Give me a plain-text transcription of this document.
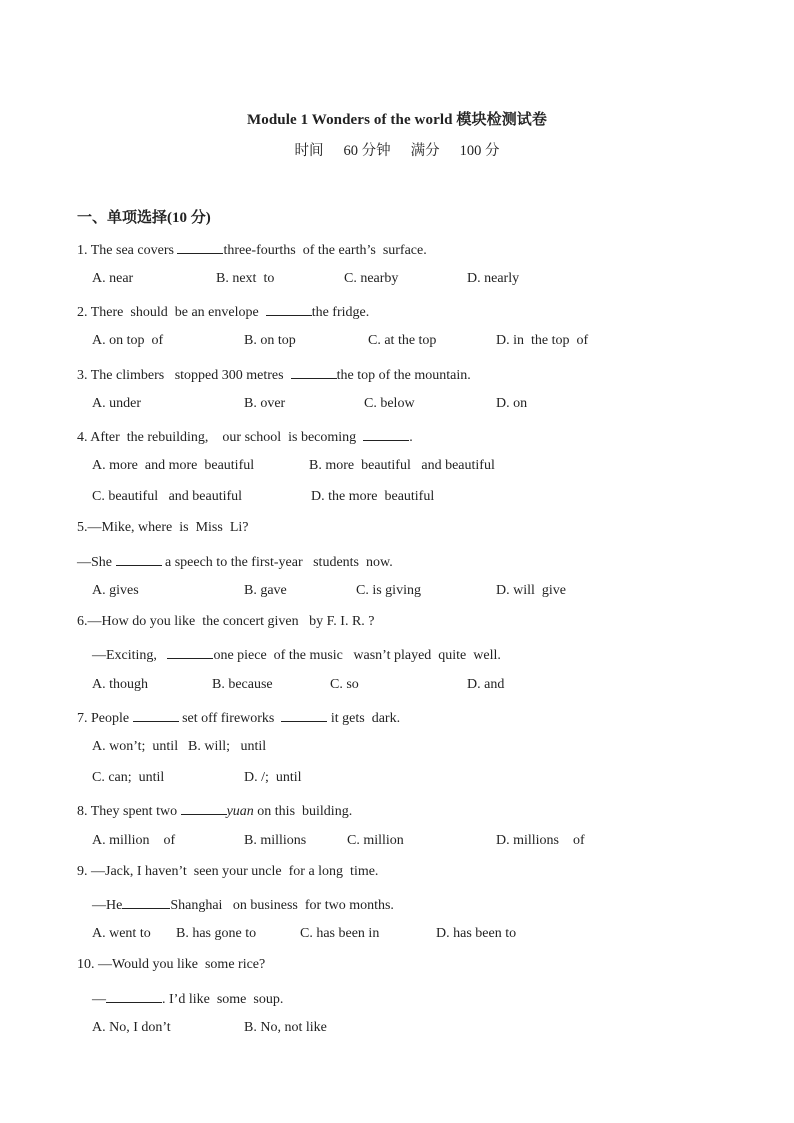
Module 1 Wonders of the world 模块检测试卷
时间 60 分钟 满分 100 分
一、单项选择(10 分)
1. The sea covers	three-fourths  of the earth’s  surface.
A. near	B. next  to	C. nearby	D. nearly
2. There  should  be an envelope	the fridge.
A. on top  of	B. on top	C. at the top	D. in  the top  of
3. The climbers   stopped 300 metres	the top of the mountain.
A. under	B. over	C. below	D. on
4. After  the rebuilding,    our school  is becoming	.
A. more  and more  beautiful	B. more  beautiful   and beautiful
C. beautiful   and beautiful	D. the more  beautiful
5.—Mike, where  is  Miss  Li?
—She	a speech to the first-year   students  now.
A. gives	B. gave	C. is giving	D. will  give
6.—How do you like  the concert given   by F. I. R. ?
—Exciting,	one piece  of the music   wasn’t played  quite  well.
A. though	B. because	C. so	D. and
7. People	set off fireworks	it gets  dark.
A. won’t;  until B. will;   until
C. can;  until	D. /;  until
8. They spent two	yuan on this  building.
A. million    of	B. millions	C. million	D. millions    of
9. —Jack, I haven’t  seen your uncle  for a long  time.
—He	Shanghai   on business  for two months.
A. went to B. has gone to	C. has been in	D. has been to
10. —Would you like  some rice?
—	. I’d like  some  soup.
A. No, I don’t	B. No, not like
